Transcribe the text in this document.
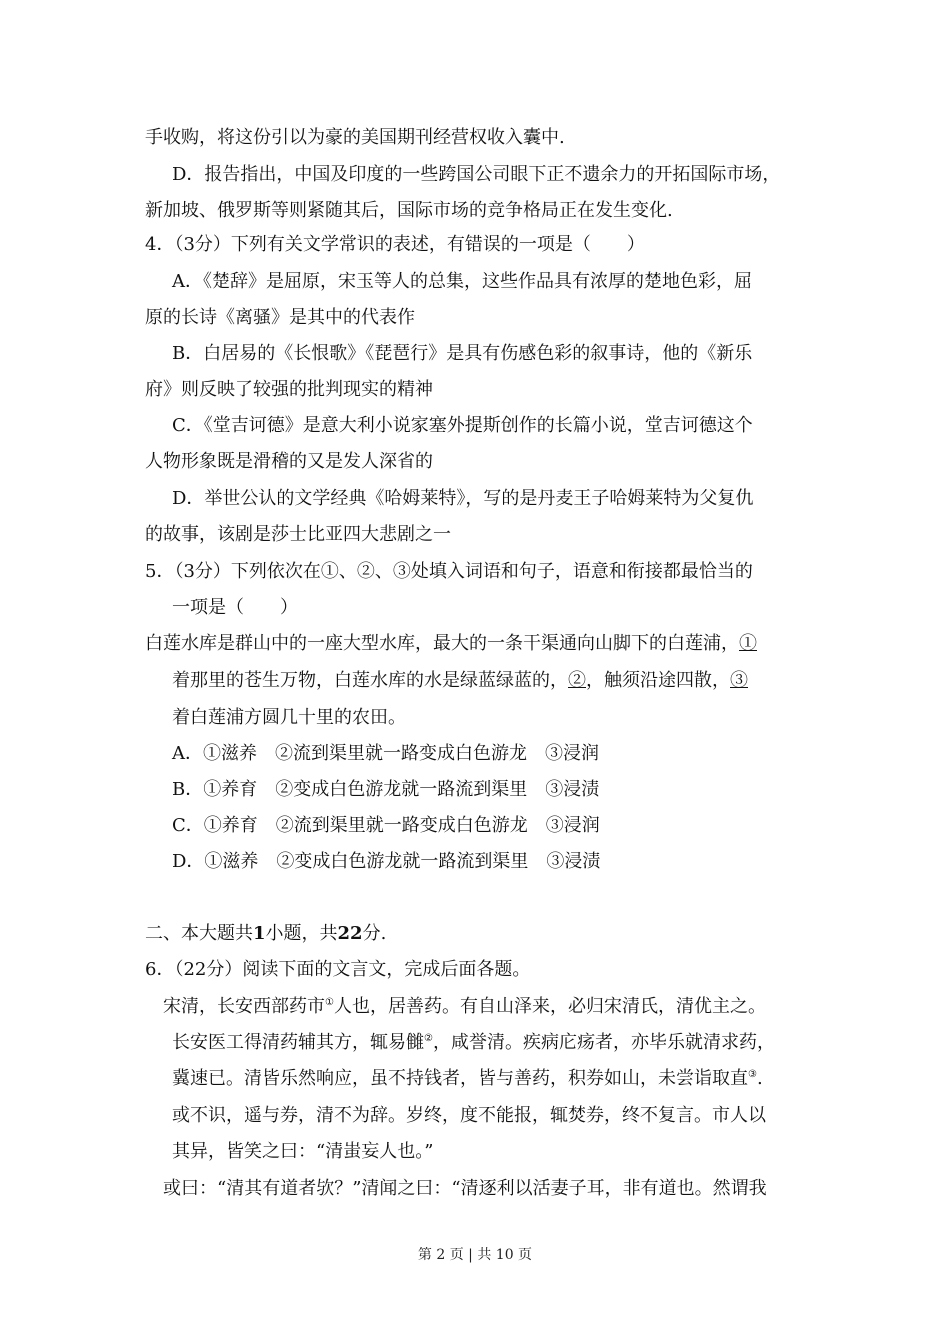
手收购，将这份引以为豪的美国期刊经营权收入囊中.
D．报告指出，中国及印度的一些跨国公司眼下正不遗余力的开拓国际市场，
新加坡、俄罗斯等则紧随其后，国际市场的竞争格局正在发生变化.
4．（3分）下列有关文学常识的表述，有错误的一项是（　　）
A．《楚辞》是屈原，宋玉等人的总集，这些作品具有浓厚的楚地色彩，屈
原的长诗《离骚》是其中的代表作
B．白居易的《长恨歌》《琵琶行》是具有伤感色彩的叙事诗，他的《新乐
府》则反映了较强的批判现实的精神
C．《堂吉诃德》是意大利小说家塞外提斯创作的长篇小说，堂吉诃德这个
人物形象既是滑稽的又是发人深省的
D．举世公认的文学经典《哈姆莱特》，写的是丹麦王子哈姆莱特为父复仇
的故事，该剧是莎士比亚四大悲剧之一
5．（3分）下列依次在①、②、③处填入词语和句子，语意和衔接都最恰当的
一项是（　　）
白莲水库是群山中的一座大型水库，最大的一条干渠通向山脚下的白莲浦，①
着那里的苍生万物，白莲水库的水是绿蓝绿蓝的，②，触须沿途四散，③
着白莲浦方圆几十里的农田。
A．①滋养　②流到渠里就一路变成白色游龙　③浸润
B．①养育　②变成白色游龙就一路流到渠里　③浸渍
C．①养育　②流到渠里就一路变成白色游龙　③浸润
D．①滋养　②变成白色游龙就一路流到渠里　③浸渍
二、本大题共1小题，共22分.
6．（22分）阅读下面的文言文，完成后面各题。
宋清，长安西部药市①人也，居善药。有自山泽来，必归宋清氏，清优主之。
长安医工得清药辅其方，辄易雠②，咸誉清。疾病庀疡者，亦毕乐就清求药，
冀速已。清皆乐然响应，虽不持钱者，皆与善药，积券如山，未尝诣取直③.
或不识，遥与券，清不为辞。岁终，度不能报，辄焚券，终不复言。市人以
其异，皆笑之曰：“清蚩妄人也。”
或曰：“清其有道者欤？”清闻之曰：“清逐利以活妻子耳，非有道也。然谓我
第 2 页 | 共 10 页
